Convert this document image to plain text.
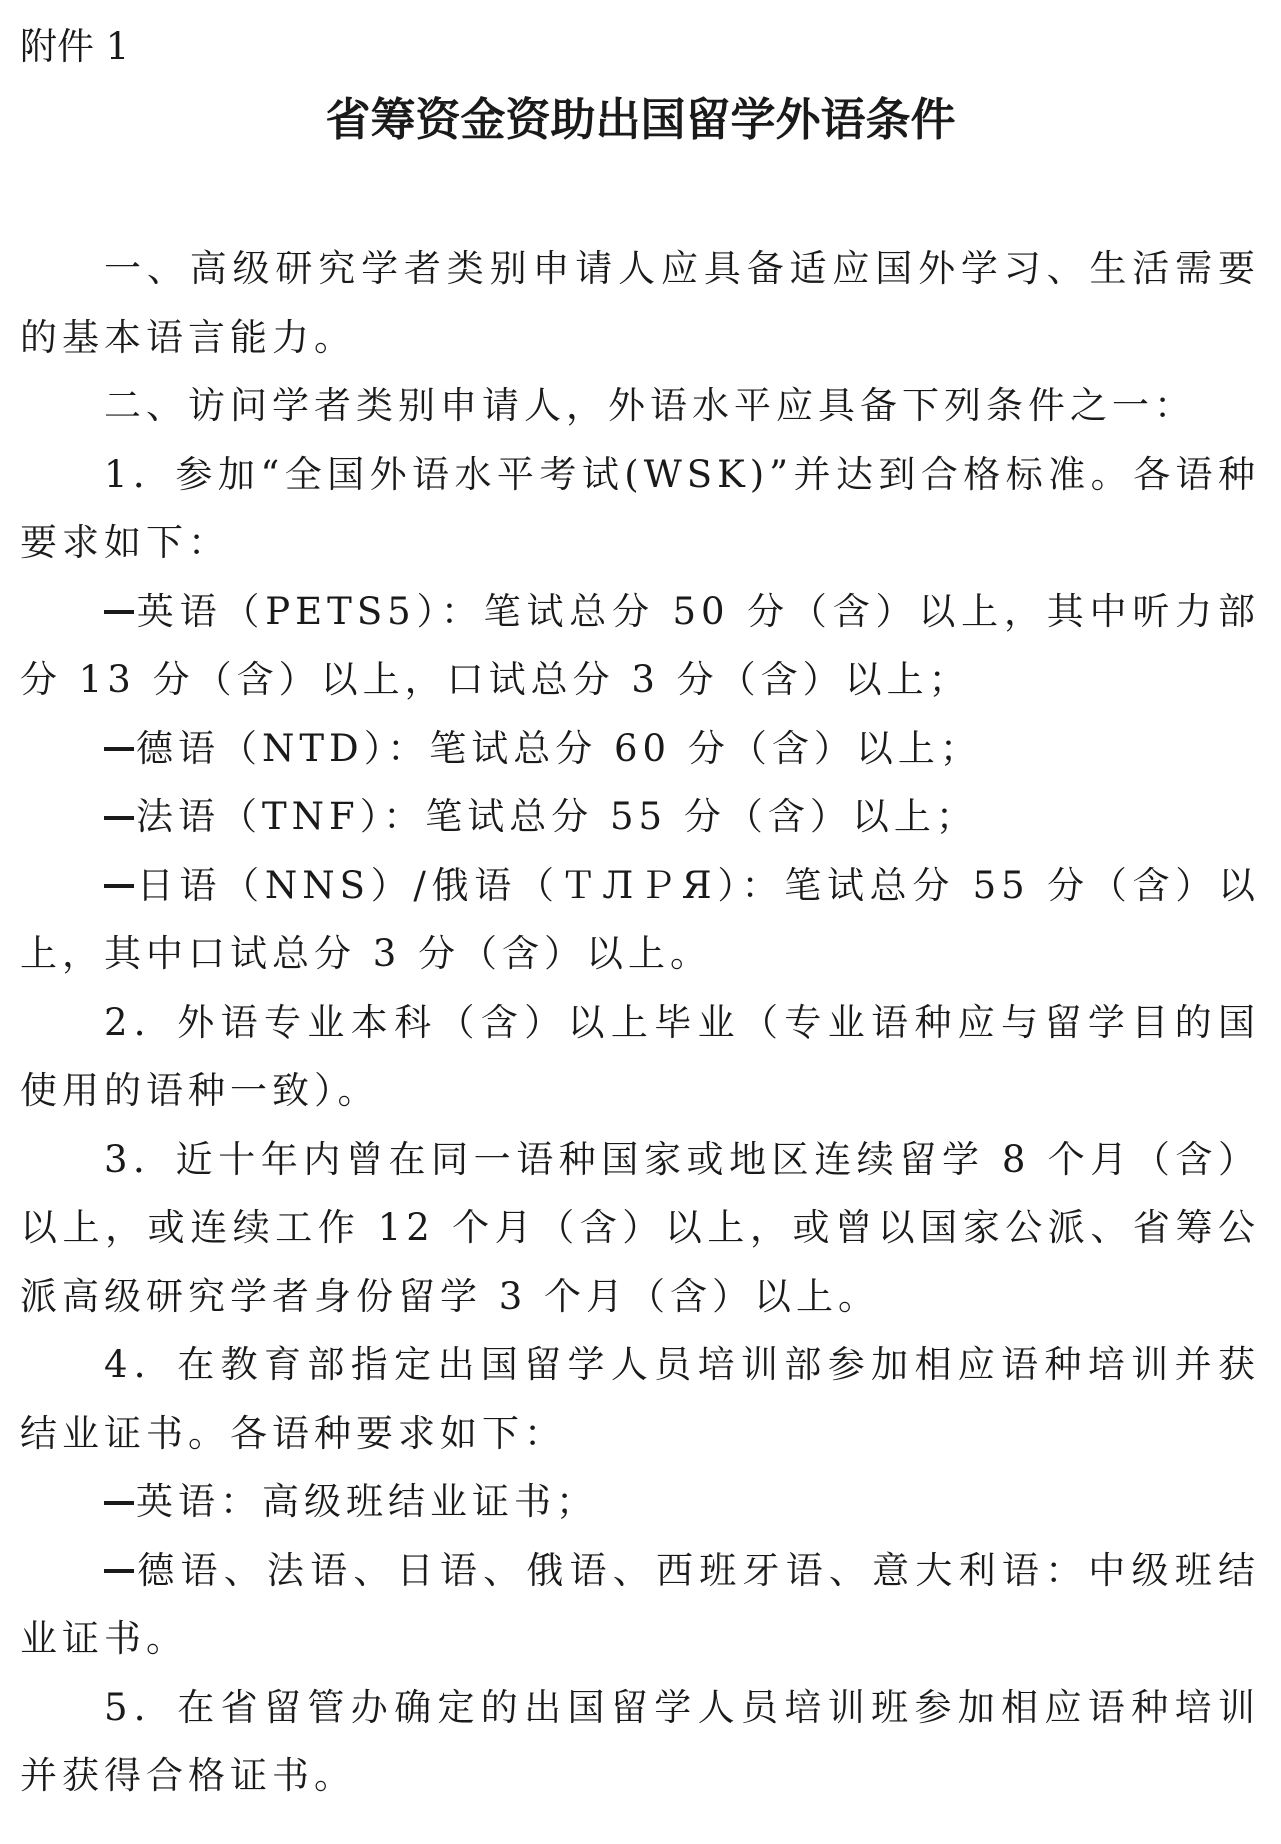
附件 1
省筹资金资助出国留学外语条件

一、高级研究学者类别申请人应具备适应国外学习、生活需要的基本语言能力。

二、访问学者类别申请人，外语水平应具备下列条件之一：

1．参加“全国外语水平考试(WSK)”并达到合格标准。各语种要求如下：

英语（PETS5）：笔试总分 50 分（含）以上，其中听力部分 13 分（含）以上，口试总分 3 分（含）以上；

德语（NTD）：笔试总分 60 分（含）以上；

法语（TNF）：笔试总分 55 分（含）以上；

日语（NNS）/俄语（ＴЛＰЯ）：笔试总分 55 分（含）以上，其中口试总分 3 分（含）以上。

2．外语专业本科（含）以上毕业（专业语种应与留学目的国使用的语种一致）。

3．近十年内曾在同一语种国家或地区连续留学 8 个月（含）以上，或连续工作 12 个月（含）以上，或曾以国家公派、省筹公派高级研究学者身份留学 3 个月（含）以上。

4．在教育部指定出国留学人员培训部参加相应语种培训并获结业证书。各语种要求如下：

英语：高级班结业证书；

德语、法语、日语、俄语、西班牙语、意大利语：中级班结业证书。

5．在省留管办确定的出国留学人员培训班参加相应语种培训并获得合格证书。
